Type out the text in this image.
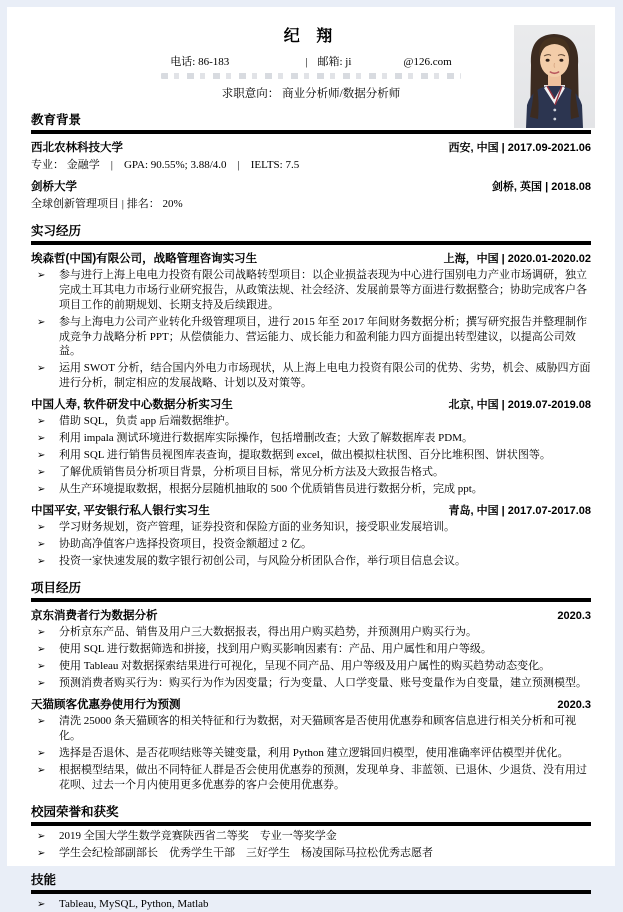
纪 翔
电话: 86-183	| 邮箱: ji	@126.com
求职意向： 商业分析师/数据分析师
教育背景
西北农林科技大学	西安, 中国 | 2017.09-2021.06
专业： 金融学　|　GPA: 90.55%; 3.88/4.0　|　IELTS: 7.5
剑桥大学	剑桥, 英国 | 2018.08
全球创新管理项目 | 排名： 20%
实习经历
埃森哲(中国)有限公司，战略管理咨询实习生	上海，中国 | 2020.01-2020.02
➢	参与进行上海上电电力投资有限公司战略转型项目：以企业损益表现为中心进行国别电力产业市场调研，独立完成土耳其电力市场行业研究报告，从政策法规、社会经济、发展前景等方面进行数据整合；协助完成客户各项目工作的前期规划、长期支持及后续跟进。
➢	参与上海电力公司产业转化升级管理项目，进行 2015 年至 2017 年间财务数据分析；撰写研究报告并整理制作成竞争力战略分析 PPT；从偿债能力、营运能力、成长能力和盈利能力四方面提出转型建议，以提高公司效益。
➢	运用 SWOT 分析，结合国内外电力市场现状，从上海上电电力投资有限公司的优势、劣势，机会、威胁四方面进行分析，制定相应的发展战略、计划以及对策等。
中国人寿, 软件研发中心数据分析实习生	北京, 中国 | 2019.07-2019.08
➢	借助 SQL，负责 app 后端数据维护。
➢	利用 impala 测试环境进行数据库实际操作，包括增删改查；大致了解数据库表 PDM。
➢	利用 SQL 进行销售员视图库表查询，提取数据到 excel，做出模拟柱状图、百分比堆积图、饼状图等。
➢	了解优质销售员分析项目背景，分析项目目标，常见分析方法及大致报告格式。
➢	从生产环境提取数据，根据分层随机抽取的 500 个优质销售员进行数据分析，完成 ppt。
中国平安, 平安银行私人银行实习生	青岛, 中国 | 2017.07-2017.08
➢	学习财务规划，资产管理，证券投资和保险方面的业务知识，接受职业发展培训。
➢	协助高净值客户选择投资项目，投资金额超过 2 亿。
➢	投资一家快速发展的数字银行初创公司，与风险分析团队合作，举行项目信息会议。
项目经历
京东消费者行为数据分析	2020.3
➢	分析京东产品、销售及用户三大数据报表，得出用户购买趋势，并预测用户购买行为。
➢	使用 SQL 进行数据筛选和拼接，找到用户购买影响因素有：产品、用户属性和用户等级。
➢	使用 Tableau 对数据探索结果进行可视化，呈现不同产品、用户等级及用户属性的购买趋势动态变化。
➢	预测消费者购买行为：购买行为作为因变量；行为变量、人口学变量、账号变量作为自变量，建立预测模型。
天猫顾客优惠券使用行为预测	2020.3
➢	清洗 25000 条天猫顾客的相关特征和行为数据，对天猫顾客是否使用优惠券和顾客信息进行相关分析和可视化。
➢	选择是否退休、是否花呗结账等关键变量，利用 Python 建立逻辑回归模型，使用准确率评估模型并优化。
➢	根据模型结果，做出不同特征人群是否会使用优惠券的预测，发现单身、非蓝领、已退休、少退货、没有用过花呗、过去一个月内使用更多优惠券的客户会使用优惠券。
校园荣誉和获奖
➢	2019 全国大学生数学竞赛陕西省二等奖　专业一等奖学金
➢	学生会纪检部副部长　优秀学生干部　三好学生　杨凌国际马拉松优秀志愿者
技能
➢	Tableau, MySQL, Python, Matlab
